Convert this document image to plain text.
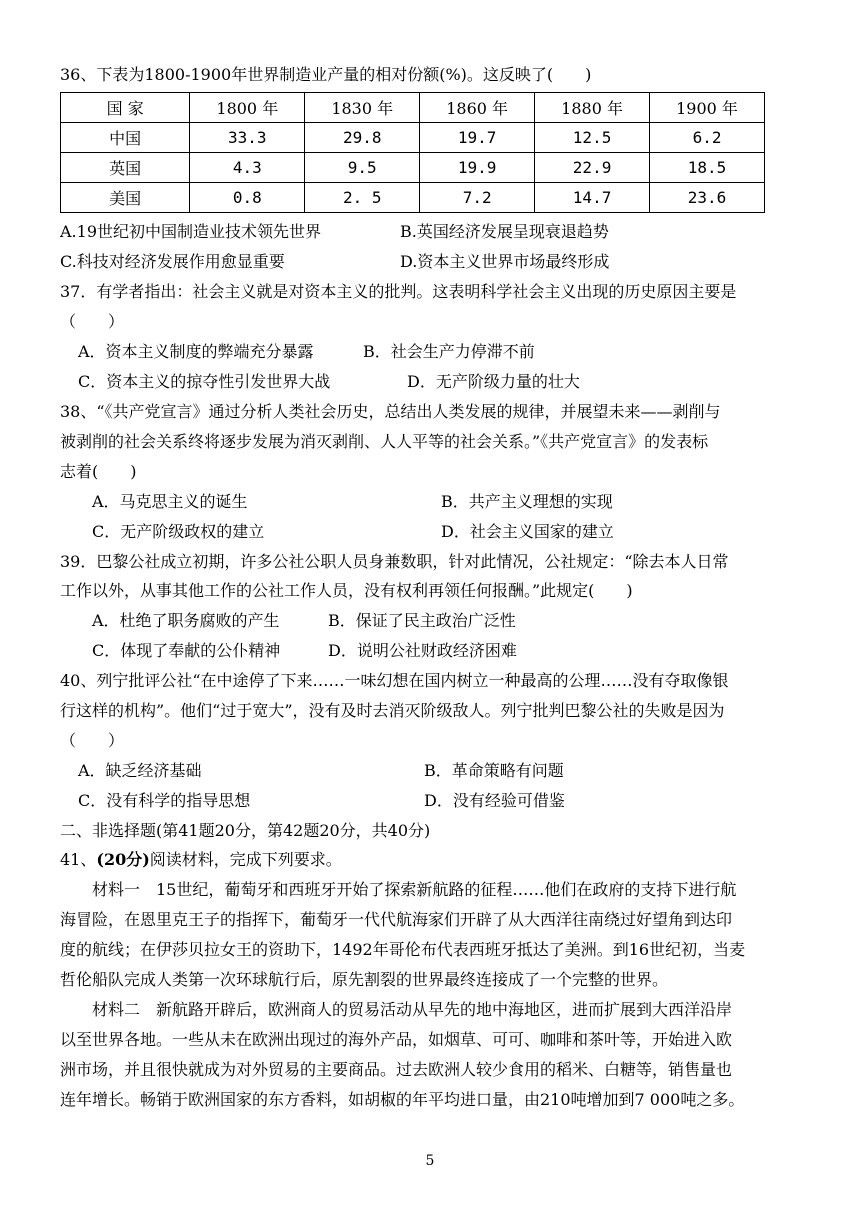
36、下表为1800-1900年世界制造业产量的相对份额(%)。这反映了(　　)
国 家	1800 年	1830 年	1860 年	1880 年	1900 年
中国	33.3	29.8	19.7	12.5	6.2
英国	4.3	9.5	19.9	22.9	18.5
美国	0.8	2. 5	7.2	14.7	23.6
A.19世纪初中国制造业技术领先世界	B.英国经济发展呈现衰退趋势
C.科技对经济发展作用愈显重要	D.资本主义世界市场最终形成
37．有学者指出：社会主义就是对资本主义的批判。这表明科学社会主义出现的历史原因主要是
（　　）
A．资本主义制度的弊端充分暴露	B．社会生产力停滞不前
C．资本主义的掠夺性引发世界大战	D．无产阶级力量的壮大
38、“《共产党宣言》通过分析人类社会历史，总结出人类发展的规律，并展望未来——剥削与
被剥削的社会关系终将逐步发展为消灭剥削、人人平等的社会关系。”《共产党宣言》的发表标
志着(　　)
A．马克思主义的诞生	B．共产主义理想的实现
C．无产阶级政权的建立	D．社会主义国家的建立
39．巴黎公社成立初期，许多公社公职人员身兼数职，针对此情况，公社规定：“除去本人日常
工作以外，从事其他工作的公社工作人员，没有权利再领任何报酬。”此规定(　　)
A．杜绝了职务腐败的产生	B．保证了民主政治广泛性
C．体现了奉献的公仆精神	D．说明公社财政经济困难
40、列宁批评公社“在中途停了下来……一味幻想在国内树立一种最高的公理……没有夺取像银
行这样的机构”。他们“过于宽大”，没有及时去消灭阶级敌人。列宁批判巴黎公社的失败是因为
（　　）
A．缺乏经济基础	B．革命策略有问题
C．没有科学的指导思想	D．没有经验可借鉴
二、非选择题(第41题20分，第42题20分，共40分)
41、(20分)阅读材料，完成下列要求。
材料一　15世纪，葡萄牙和西班牙开始了探索新航路的征程……他们在政府的支持下进行航
海冒险，在恩里克王子的指挥下，葡萄牙一代代航海家们开辟了从大西洋往南绕过好望角到达印
度的航线；在伊莎贝拉女王的资助下，1492年哥伦布代表西班牙抵达了美洲。到16世纪初，当麦
哲伦船队完成人类第一次环球航行后，原先割裂的世界最终连接成了一个完整的世界。
材料二　新航路开辟后，欧洲商人的贸易活动从早先的地中海地区，进而扩展到大西洋沿岸
以至世界各地。一些从未在欧洲出现过的海外产品，如烟草、可可、咖啡和茶叶等，开始进入欧
洲市场，并且很快就成为对外贸易的主要商品。过去欧洲人较少食用的稻米、白糖等，销售量也
连年增长。畅销于欧洲国家的东方香料，如胡椒的年平均进口量，由210吨增加到7 000吨之多。
5
